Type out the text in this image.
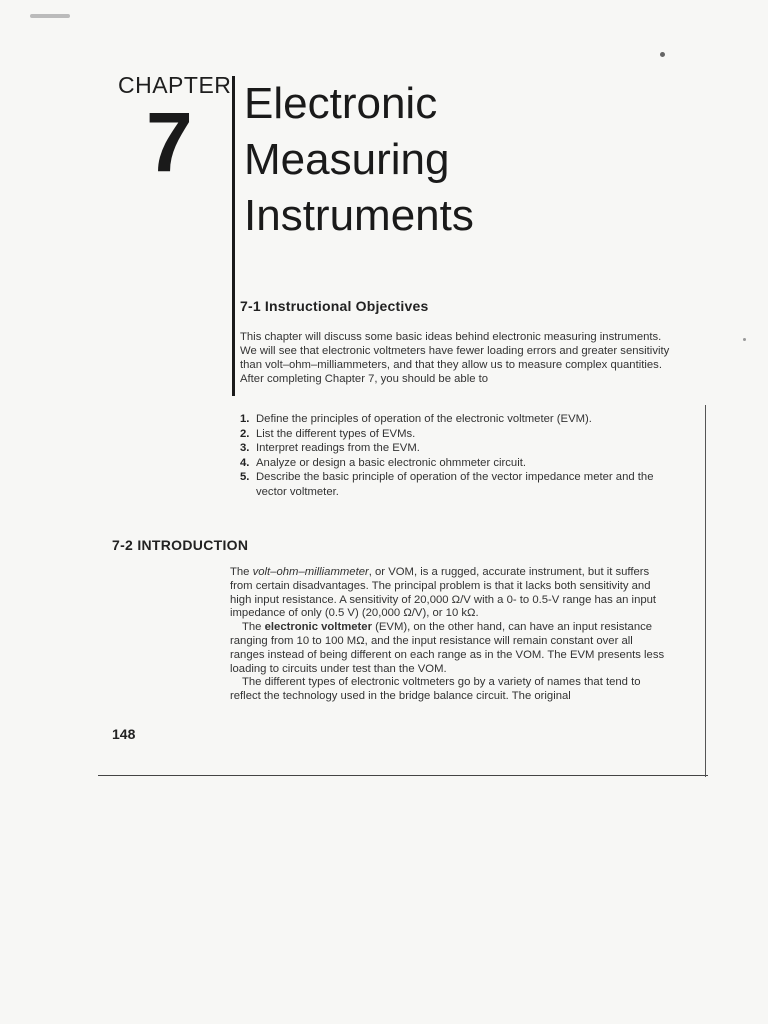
CHAPTER
7 Electronic
Measuring
Instruments
7-1 Instructional Objectives
This chapter will discuss some basic ideas behind electronic measuring instruments. We will see that electronic voltmeters have fewer loading errors and greater sensitivity than volt–ohm–milliammeters, and that they allow us to measure complex quantities. After completing Chapter 7, you should be able to
1. Define the principles of operation of the electronic voltmeter (EVM).
2. List the different types of EVMs.
3. Interpret readings from the EVM.
4. Analyze or design a basic electronic ohmmeter circuit.
5. Describe the basic principle of operation of the vector impedance meter and the vector voltmeter.
7-2 INTRODUCTION

The volt–ohm–milliammeter, or VOM, is a rugged, accurate instrument, but it suffers from certain disadvantages. The principal problem is that it lacks both sensitivity and high input resistance. A sensitivity of 20,000 Ω/V with a 0- to 0.5-V range has an input impedance of only (0.5 V) (20,000 Ω/V), or 10 kΩ.

The electronic voltmeter (EVM), on the other hand, can have an input resistance ranging from 10 to 100 MΩ, and the input resistance will remain constant over all ranges instead of being different on each range as in the VOM. The EVM presents less loading to circuits under test than the VOM.

The different types of electronic voltmeters go by a variety of names that tend to reflect the technology used in the bridge balance circuit. The original

148
